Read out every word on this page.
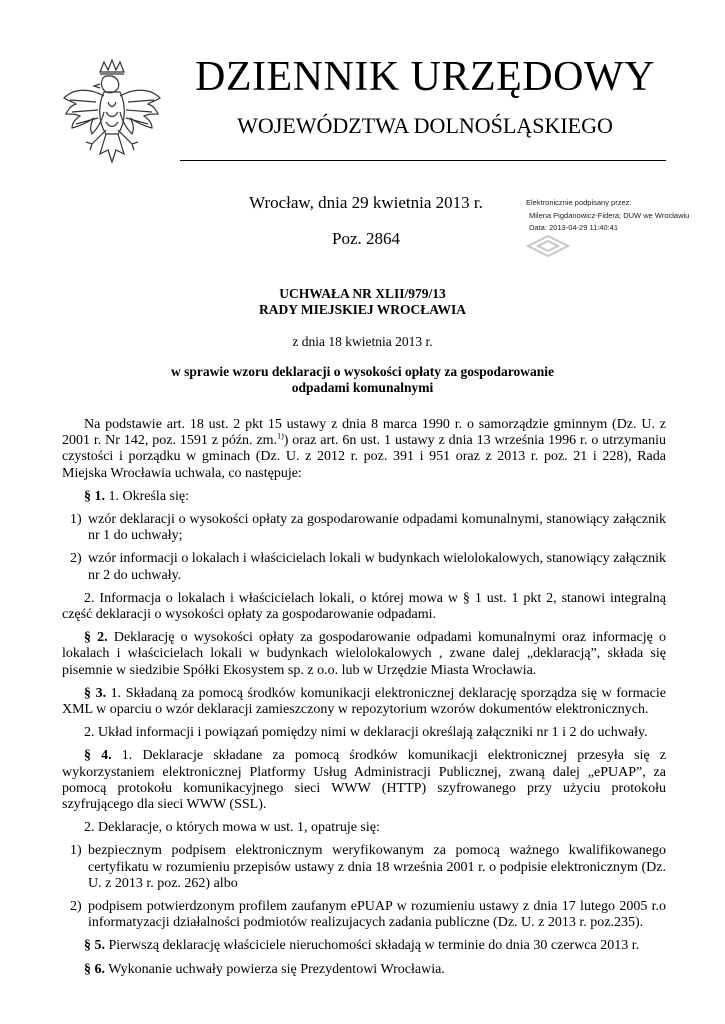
DZIENNIK URZĘDOWY
WOJEWÓDZTWA DOLNOŚLĄSKIEGO
Wrocław, dnia 29 kwietnia 2013 r.
Poz. 2864
Elektronicznie podpisany przez:
Milena Pigdanowicz-Fidera; DUW we Wrocławiu
Data: 2013-04-29 11:40:41
UCHWAŁA NR XLII/979/13
RADY MIEJSKIEJ WROCŁAWIA
z dnia 18 kwietnia 2013 r.
w sprawie wzoru deklaracji o wysokości opłaty za gospodarowanie
odpadami komunalnymi

Na podstawie art. 18 ust. 2 pkt 15 ustawy z dnia 8 marca 1990 r. o samorządzie gminnym (Dz. U. z 2001 r. Nr 142, poz. 1591 z późn. zm.$^{1)}$) oraz art. 6n ust. 1 ustawy z dnia 13 września 1996 r. o utrzymaniu czystości i porządku w gminach (Dz. U. z 2012 r. poz. 391 i 951 oraz z 2013 r. poz. 21 i 228), Rada Miejska Wrocławia uchwala, co następuje:

§ 1. 1. Określa się:

1) wzór deklaracji o wysokości opłaty za gospodarowanie odpadami komunalnymi, stanowiący załącznik nr 1 do uchwały;

2) wzór informacji o lokalach i właścicielach lokali w budynkach wielolokalowych, stanowiący załącznik nr 2 do uchwały.

2. Informacja o lokalach i właścicielach lokali, o której mowa w § 1 ust. 1 pkt 2, stanowi integralną część deklaracji o wysokości opłaty za gospodarowanie odpadami.

§ 2. Deklarację o wysokości opłaty za gospodarowanie odpadami komunalnymi oraz informację o lokalach i właścicielach lokali w budynkach wielolokalowych , zwane dalej „deklaracją”, składa się pisemnie w siedzibie Spółki Ekosystem sp. z o.o. lub w Urzędzie Miasta Wrocławia.

§ 3. 1. Składaną za pomocą środków komunikacji elektronicznej deklarację sporządza się w formacie XML w oparciu o wzór deklaracji zamieszczony w repozytorium wzorów dokumentów elektronicznych.

2. Układ informacji i powiązań pomiędzy nimi w deklaracji określają załączniki nr 1 i 2 do uchwały.

§ 4. 1. Deklaracje składane za pomocą środków komunikacji elektronicznej przesyła się z wykorzystaniem elektronicznej Platformy Usług Administracji Publicznej, zwaną dalej „ePUAP”, za pomocą protokołu komunikacyjnego sieci WWW (HTTP) szyfrowanego przy użyciu protokołu szyfrującego dla sieci WWW (SSL).

2. Deklaracje, o których mowa w ust. 1, opatruje się:

1) bezpiecznym podpisem elektronicznym weryfikowanym za pomocą ważnego kwalifikowanego certyfikatu w rozumieniu przepisów ustawy z dnia 18 września 2001 r. o podpisie elektronicznym (Dz. U. z 2013 r. poz. 262) albo

2) podpisem potwierdzonym profilem zaufanym ePUAP w rozumieniu ustawy z dnia 17 lutego 2005 r.o informatyzacji działalności podmiotów realizujacych zadania publiczne (Dz. U. z 2013 r. poz.235).

§ 5. Pierwszą deklarację właściciele nieruchomości składają w terminie do dnia 30 czerwca 2013 r.

§ 6. Wykonanie uchwały powierza się Prezydentowi Wrocławia.
